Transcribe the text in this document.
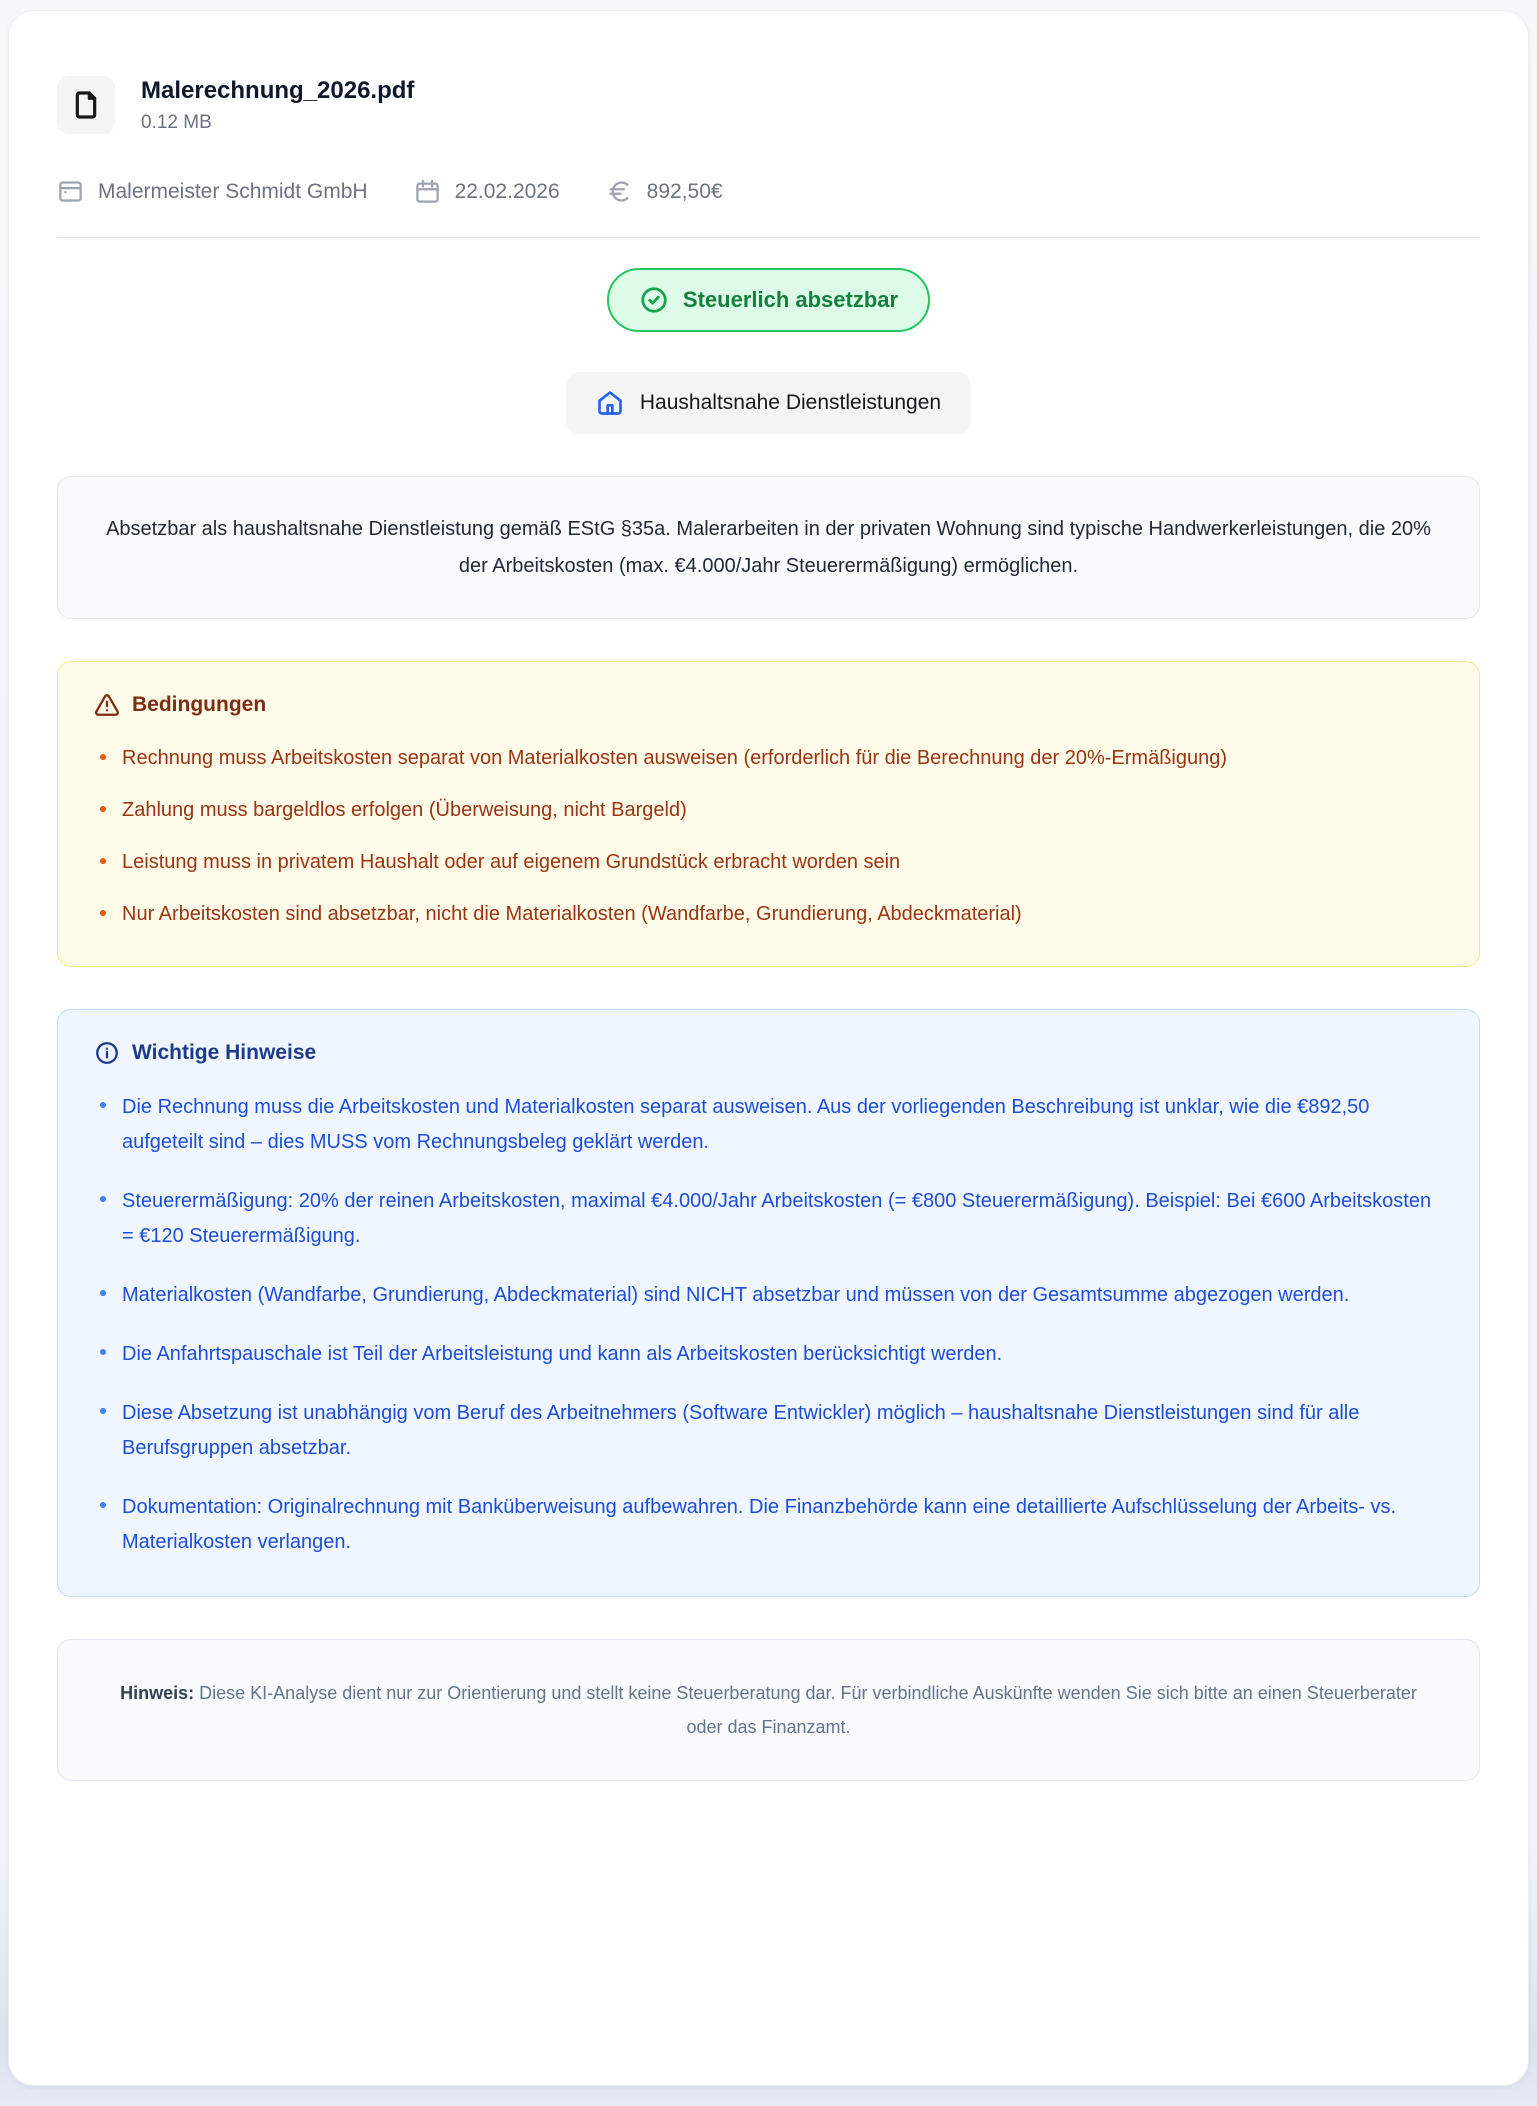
Malerechnung_2026.pdf
0.12 MB
Malermeister Schmidt GmbH	22.02.2026	892,50€
Steuerlich absetzbar
Haushaltsnahe Dienstleistungen
Absetzbar als haushaltsnahe Dienstleistung gemäß EStG §35a. Malerarbeiten in der privaten Wohnung sind typische Handwerkerleistungen, die 20% der Arbeitskosten (max. €4.000/Jahr Steuerermäßigung) ermöglichen.
Bedingungen
Rechnung muss Arbeitskosten separat von Materialkosten ausweisen (erforderlich für die Berechnung der 20%-Ermäßigung)
Zahlung muss bargeldlos erfolgen (Überweisung, nicht Bargeld)
Leistung muss in privatem Haushalt oder auf eigenem Grundstück erbracht worden sein
Nur Arbeitskosten sind absetzbar, nicht die Materialkosten (Wandfarbe, Grundierung, Abdeckmaterial)
Wichtige Hinweise
Die Rechnung muss die Arbeitskosten und Materialkosten separat ausweisen. Aus der vorliegenden Beschreibung ist unklar, wie die €892,50 aufgeteilt sind – dies MUSS vom Rechnungsbeleg geklärt werden.
Steuerermäßigung: 20% der reinen Arbeitskosten, maximal €4.000/Jahr Arbeitskosten (= €800 Steuerermäßigung). Beispiel: Bei €600 Arbeitskosten = €120 Steuerermäßigung.
Materialkosten (Wandfarbe, Grundierung, Abdeckmaterial) sind NICHT absetzbar und müssen von der Gesamtsumme abgezogen werden.
Die Anfahrtspauschale ist Teil der Arbeitsleistung und kann als Arbeitskosten berücksichtigt werden.
Diese Absetzung ist unabhängig vom Beruf des Arbeitnehmers (Software Entwickler) möglich – haushaltsnahe Dienstleistungen sind für alle Berufsgruppen absetzbar.
Dokumentation: Originalrechnung mit Banküberweisung aufbewahren. Die Finanzbehörde kann eine detaillierte Aufschlüsselung der Arbeits- vs. Materialkosten verlangen.
Hinweis: Diese KI-Analyse dient nur zur Orientierung und stellt keine Steuerberatung dar. Für verbindliche Auskünfte wenden Sie sich bitte an einen Steuerberater oder das Finanzamt.
